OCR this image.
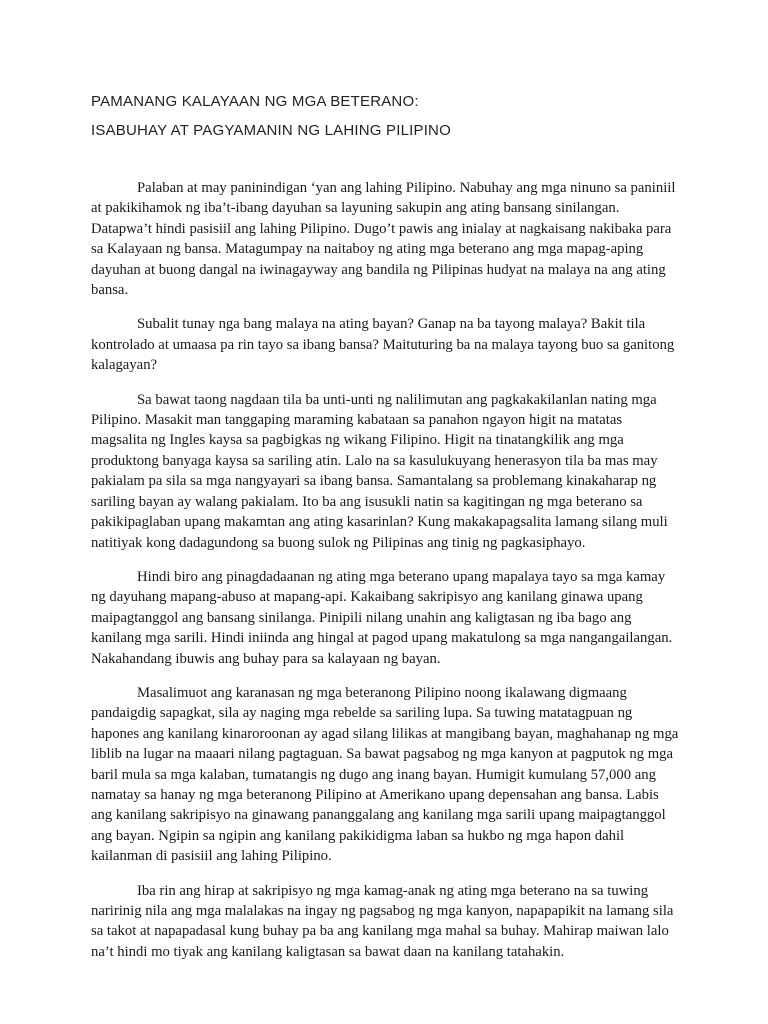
PAMANANG KALAYAAN NG MGA BETERANO:
ISABUHAY AT PAGYAMANIN NG LAHING PILIPINO

Palaban at may paninindigan ‘yan ang lahing Pilipino. Nabuhay ang mga ninuno sa paniniil at pakikihamok ng iba’t-ibang dayuhan sa layuning sakupin ang ating bansang sinilangan. Datapwa’t hindi pasisiil ang lahing Pilipino. Dugo’t pawis ang inialay at nagkaisang nakibaka para sa Kalayaan ng bansa. Matagumpay na naitaboy ng ating mga beterano ang mga mapag-aping dayuhan at buong dangal na iwinagayway ang bandila ng Pilipinas hudyat na malaya na ang ating bansa.

Subalit tunay nga bang malaya na ating bayan? Ganap na ba tayong malaya? Bakit tila kontrolado at umaasa pa rin tayo sa ibang bansa? Maituturing ba na malaya tayong buo sa ganitong kalagayan?

Sa bawat taong nagdaan tila ba unti-unti ng nalilimutan ang pagkakakilanlan nating mga Pilipino. Masakit man tanggaping maraming kabataan sa panahon ngayon higit na matatas magsalita ng Ingles kaysa sa pagbigkas ng wikang Filipino. Higit na tinatangkilik ang mga produktong banyaga kaysa sa sariling atin. Lalo na sa kasulukuyang henerasyon tila ba mas may pakialam pa sila sa mga nangyayari sa ibang bansa. Samantalang sa problemang kinakaharap ng sariling bayan ay walang pakialam. Ito ba ang isusukli natin sa kagitingan ng mga beterano sa pakikipaglaban upang makamtan ang ating kasarinlan? Kung makakapagsalita lamang silang muli natitiyak kong dadagundong sa buong sulok ng Pilipinas ang tinig ng pagkasiphayo.

Hindi biro ang pinagdadaanan ng ating mga beterano upang mapalaya tayo sa mga kamay ng dayuhang mapang-abuso at mapang-api. Kakaibang sakripisyo ang kanilang ginawa upang maipagtanggol ang bansang sinilanga. Pinipili nilang unahin ang kaligtasan ng iba bago ang kanilang mga sarili. Hindi iniinda ang hingal at pagod upang makatulong sa mga nangangailangan. Nakahandang ibuwis ang buhay para sa kalayaan ng bayan.

Masalimuot ang karanasan ng mga beteranong Pilipino noong ikalawang digmaang pandaigdig sapagkat, sila ay naging mga rebelde sa sariling lupa. Sa tuwing matatagpuan ng hapones ang kanilang kinaroroonan ay agad silang lilikas at mangibang bayan, maghahanap ng mga liblib na lugar na maaari nilang pagtaguan. Sa bawat pagsabog ng mga kanyon at pagputok ng mga baril mula sa mga kalaban, tumatangis ng dugo ang inang bayan. Humigit kumulang 57,000 ang namatay sa hanay ng mga beteranong Pilipino at Amerikano upang depensahan ang bansa. Labis ang kanilang sakripisyo na ginawang pananggalang ang kanilang mga sarili upang maipagtanggol ang bayan. Ngipin sa ngipin ang kanilang pakikidigma laban sa hukbo ng mga hapon dahil kailanman di pasisiil ang lahing Pilipino.

Iba rin ang hirap at sakripisyo ng mga kamag-anak ng ating mga beterano na sa tuwing naririnig nila ang mga malalakas na ingay ng pagsabog ng mga kanyon, napapapikit na lamang sila sa takot at napapadasal kung buhay pa ba ang kanilang mga mahal sa buhay. Mahirap maiwan lalo na’t hindi mo tiyak ang kanilang kaligtasan sa bawat daan na kanilang tatahakin.
